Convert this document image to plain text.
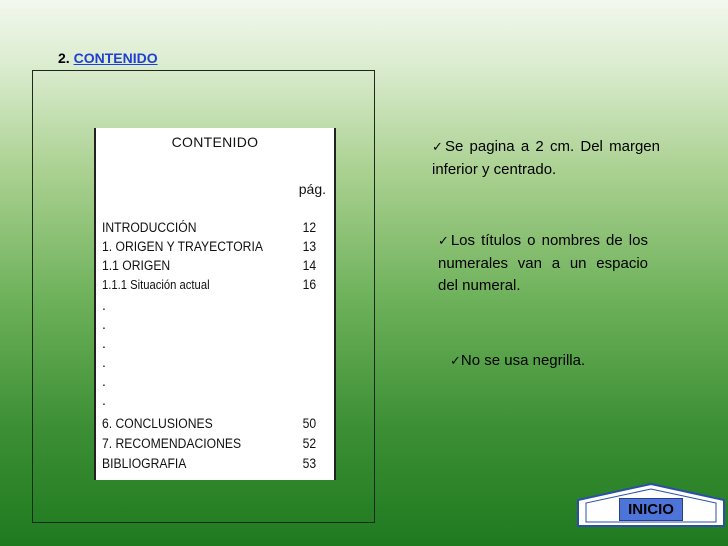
2. CONTENIDO
CONTENIDO
pág.
INTRODUCCIÓN	12
1. ORIGEN Y TRAYECTORIA	13
1.1 ORIGEN	14
1.1.1 Situación actual	16
.
.
.
.
.
.
6. CONCLUSIONES	50
7. RECOMENDACIONES	52
BIBLIOGRAFIA	53
✓Se pagina a 2 cm. Del margen inferior y centrado.
✓Los títulos o nombres de los numerales van a un espacio del numeral.
✓No se usa negrilla.
INICIO
